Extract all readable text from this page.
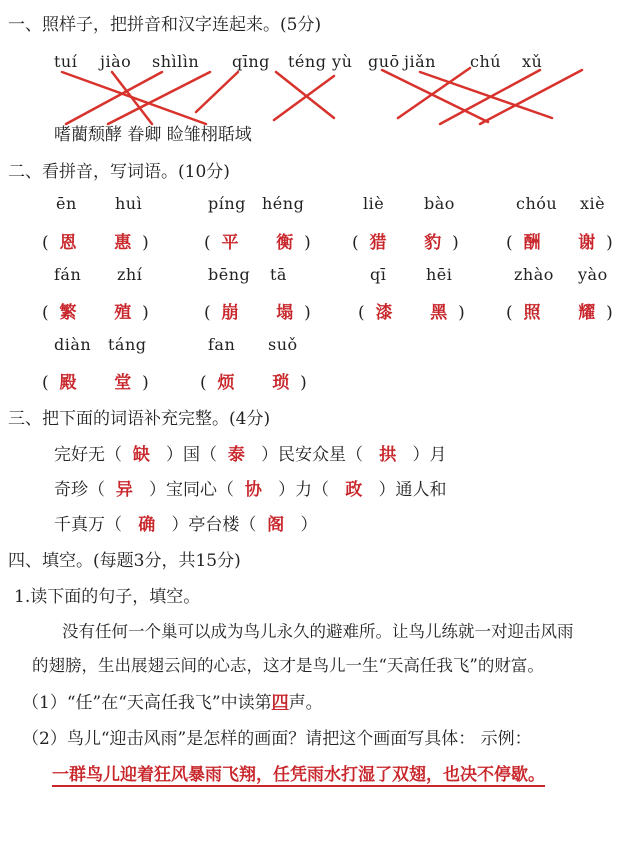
一、照样子，把拼音和汉字连起来。(5分)
tuí jiào shìlìn qīng téng yù guō jiǎn chú xǔ
嗜藺颓酵 眷卿 睑雏栩聒域
二、看拼音，写词语。(10分)
ēn huì	píng héng	liè bào	chóu xiè
( 恩 惠 )	( 平 衡 ) ( 猎 豹 )	( 酬 谢 )
fán zhí	bēng tā	qī hēi	zhào yào
( 繁 殖 )	( 崩 塌 )	( 漆 黑 ) ( 照 耀 )
diàn táng	fan suǒ
( 殿 堂 )	( 烦 琐 )
三、把下面的词语补充完整。(4分)
完好无（ 缺 ）国（ 泰 ）民安众星（ 拱 ）月
奇珍（ 异 ）宝同心（ 协 ）力（ 政 ）通人和
千真万（ 确 ）亭台楼（ 阁 ）
四、填空。(每题3分，共15分)
1.读下面的句子，填空。
没有任何一个巢可以成为鸟儿永久的避难所。让鸟儿练就一对迎击风雨
的翅膀，生出展翅云间的心志，这才是鸟儿一生“天高任我飞”的财富。
（1）“任”在“天高任我飞”中读第四声。
（2）鸟儿“迎击风雨”是怎样的画面？请把这个画面写具体： 示例：
一群鸟儿迎着狂风暴雨飞翔，任凭雨水打湿了双翅，也决不停歇。
